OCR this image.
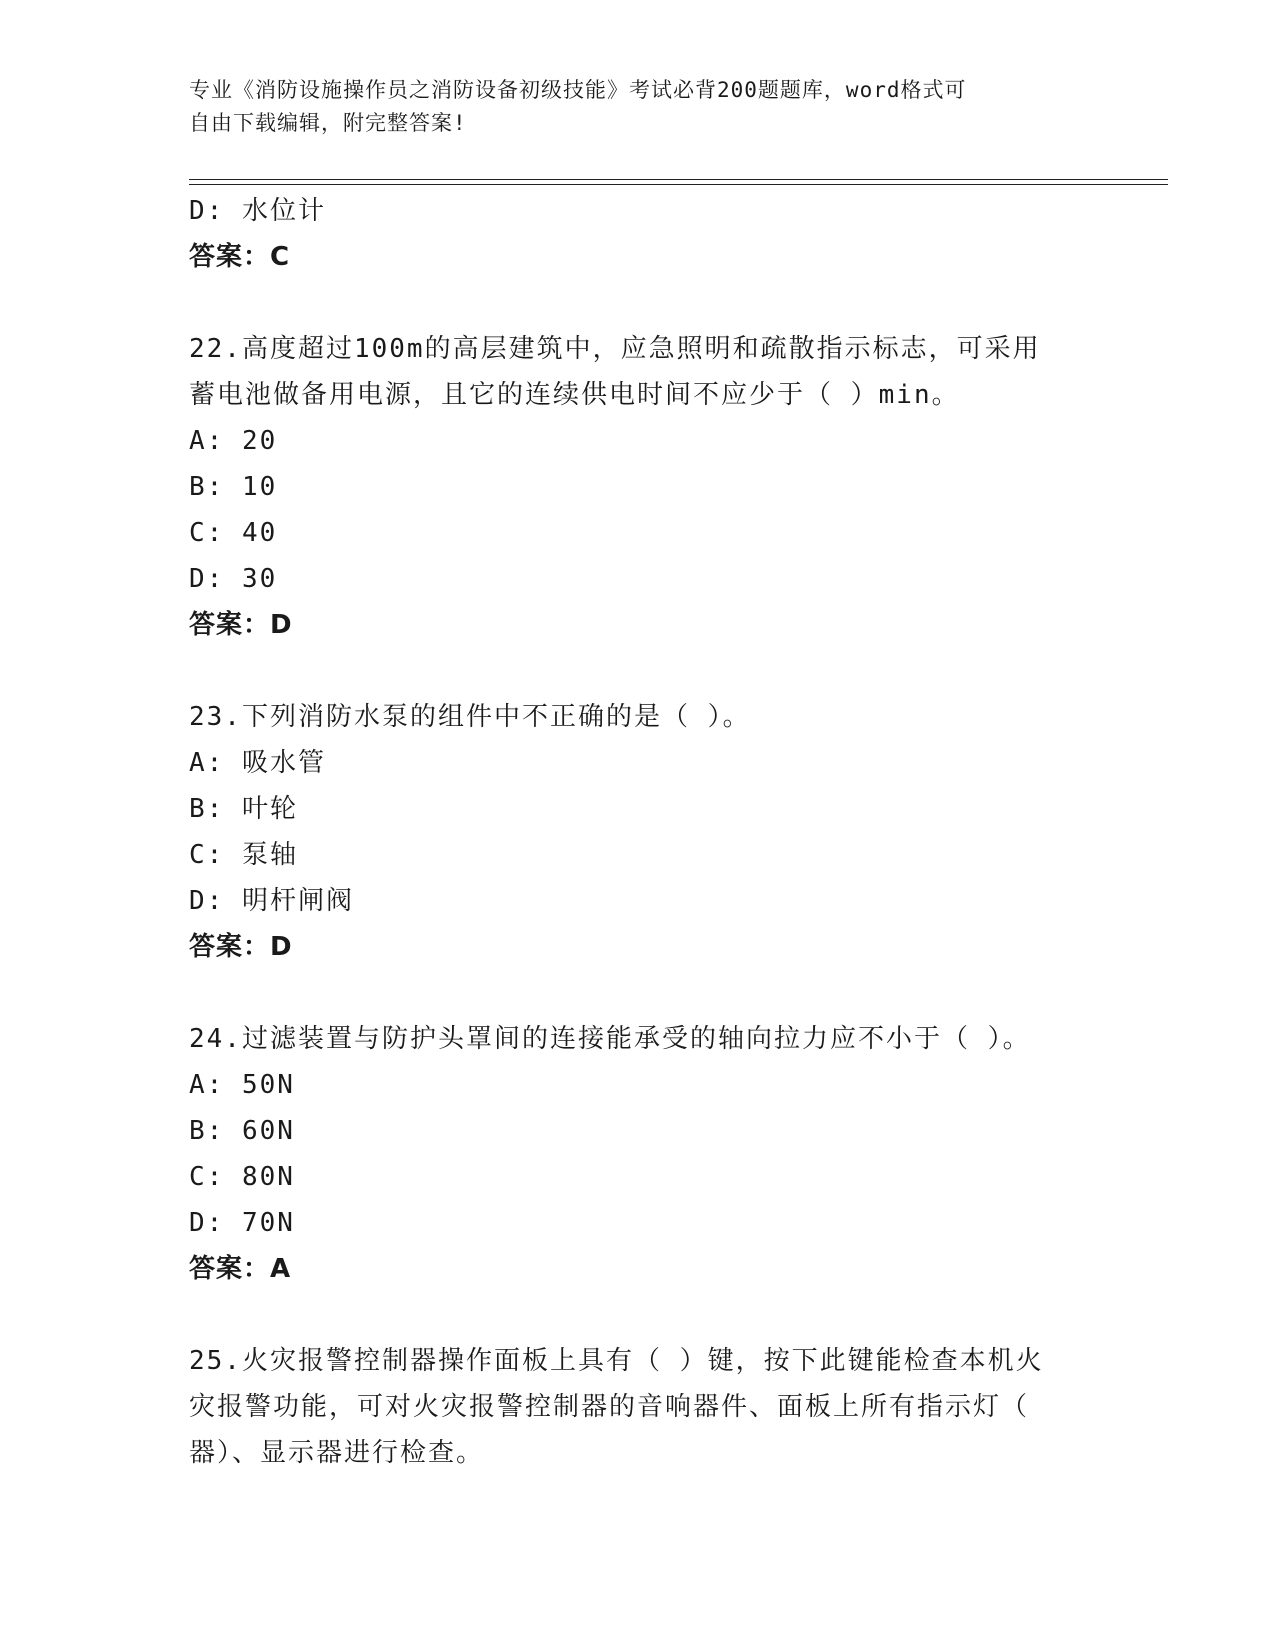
专业《消防设施操作员之消防设备初级技能》考试必背200题题库，word格式可
自由下载编辑，附完整答案!
D: 水位计
答案：C
22.高度超过100m的高层建筑中，应急照明和疏散指示标志，可采用
蓄电池做备用电源，且它的连续供电时间不应少于（ ）min。
A: 20
B: 10
C: 40
D: 30
答案：D
23.下列消防水泵的组件中不正确的是（ ）。
A: 吸水管
B: 叶轮
C: 泵轴
D: 明杆闸阀
答案：D
24.过滤装置与防护头罩间的连接能承受的轴向拉力应不小于（ ）。
A: 50N
B: 60N
C: 80N
D: 70N
答案：A
25.火灾报警控制器操作面板上具有（ ）键，按下此键能检查本机火
灾报警功能，可对火灾报警控制器的音响器件、面板上所有指示灯（
器）、显示器进行检查。
